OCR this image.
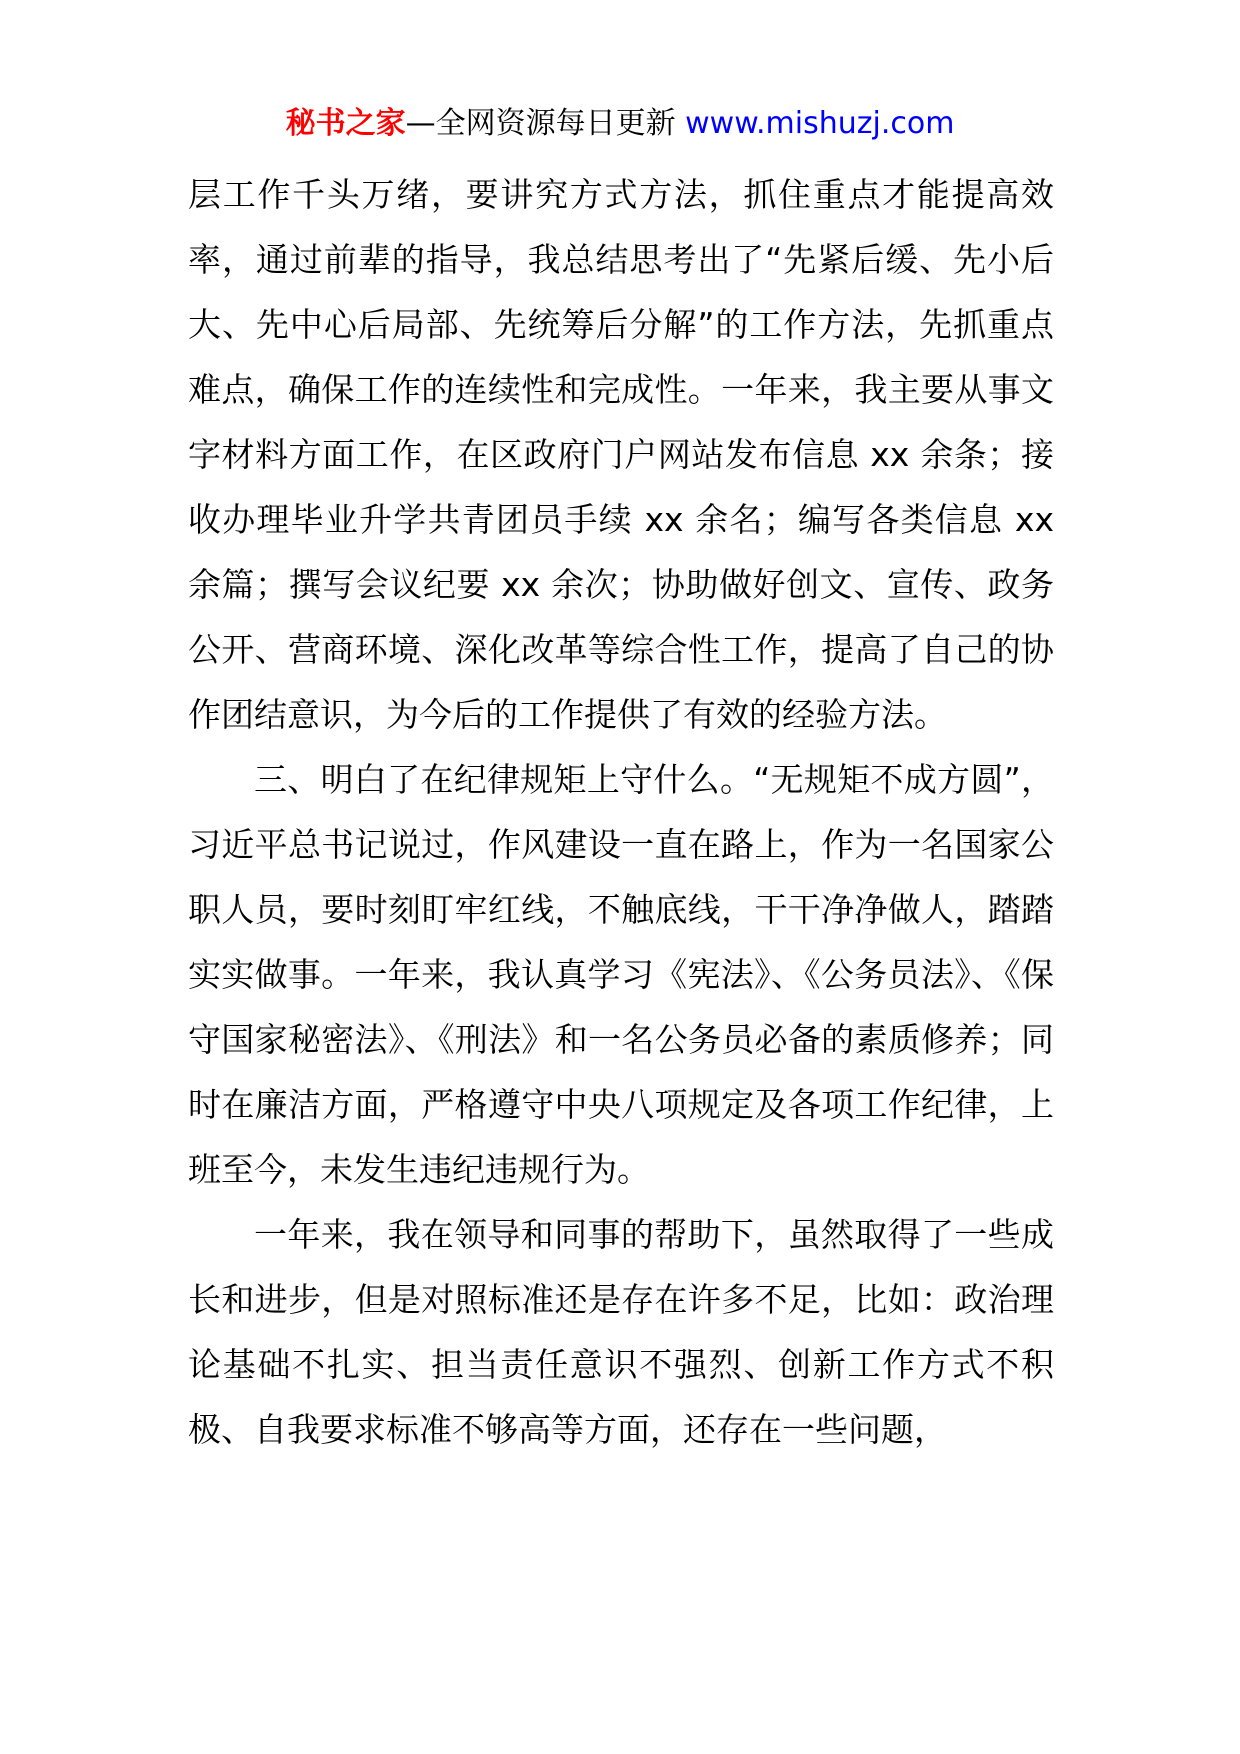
秘书之家—全网资源每日更新 www.mishuzj.com

层工作千头万绪，要讲究方式方法，抓住重点才能提高效率，通过前辈的指导，我总结思考出了“先紧后缓、先小后大、先中心后局部、先统筹后分解”的工作方法，先抓重点难点，确保工作的连续性和完成性。一年来，我主要从事文字材料方面工作，在区政府门户网站发布信息 xx 余条；接收办理毕业升学共青团员手续 xx 余名；编写各类信息 xx 余篇；撰写会议纪要 xx 余次；协助做好创文、宣传、政务公开、营商环境、深化改革等综合性工作，提高了自己的协作团结意识，为今后的工作提供了有效的经验方法。

三、明白了在纪律规矩上守什么。“无规矩不成方圆”，习近平总书记说过，作风建设一直在路上，作为一名国家公职人员，要时刻盯牢红线，不触底线，干干净净做人，踏踏实实做事。一年来，我认真学习《宪法》、《公务员法》、《保守国家秘密法》、《刑法》和一名公务员必备的素质修养；同时在廉洁方面，严格遵守中央八项规定及各项工作纪律，上班至今，未发生违纪违规行为。

一年来，我在领导和同事的帮助下，虽然取得了一些成长和进步，但是对照标准还是存在许多不足，比如：政治理论基础不扎实、担当责任意识不强烈、创新工作方式不积极、自我要求标准不够高等方面，还存在一些问题，
